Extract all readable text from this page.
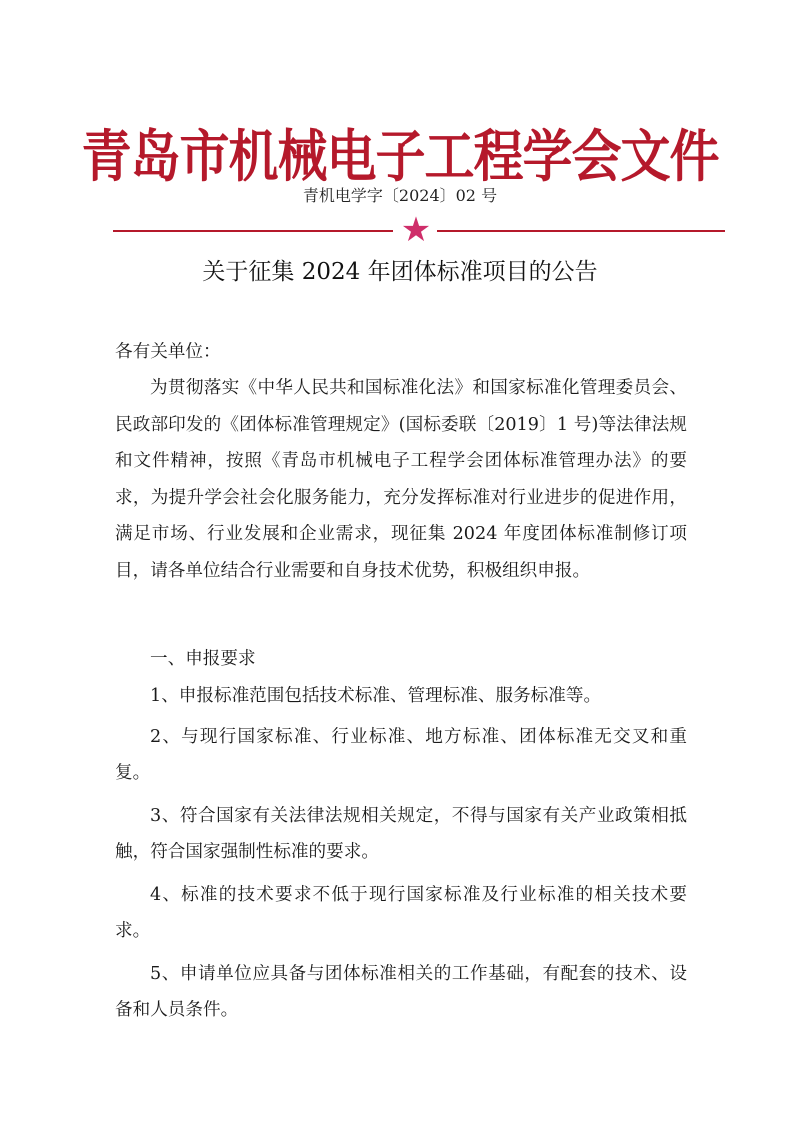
青岛市机械电子工程学会文件
青机电学字〔2024〕02 号
★
关于征集 2024 年团体标准项目的公告
各有关单位：

为贯彻落实《中华人民共和国标准化法》和国家标准化管理委员会、民政部印发的《团体标准管理规定》(国标委联〔2019〕1 号)等法律法规和文件精神，按照《青岛市机械电子工程学会团体标准管理办法》的要求，为提升学会社会化服务能力，充分发挥标准对行业进步的促进作用，满足市场、行业发展和企业需求，现征集 2024 年度团体标准制修订项目，请各单位结合行业需要和自身技术优势，积极组织申报。

一、申报要求

1、申报标准范围包括技术标准、管理标准、服务标准等。

2、与现行国家标准、行业标准、地方标准、团体标准无交叉和重复。

3、符合国家有关法律法规相关规定，不得与国家有关产业政策相抵触，符合国家强制性标准的要求。

4、标准的技术要求不低于现行国家标准及行业标准的相关技术要求。

5、申请单位应具备与团体标准相关的工作基础，有配套的技术、设备和人员条件。
